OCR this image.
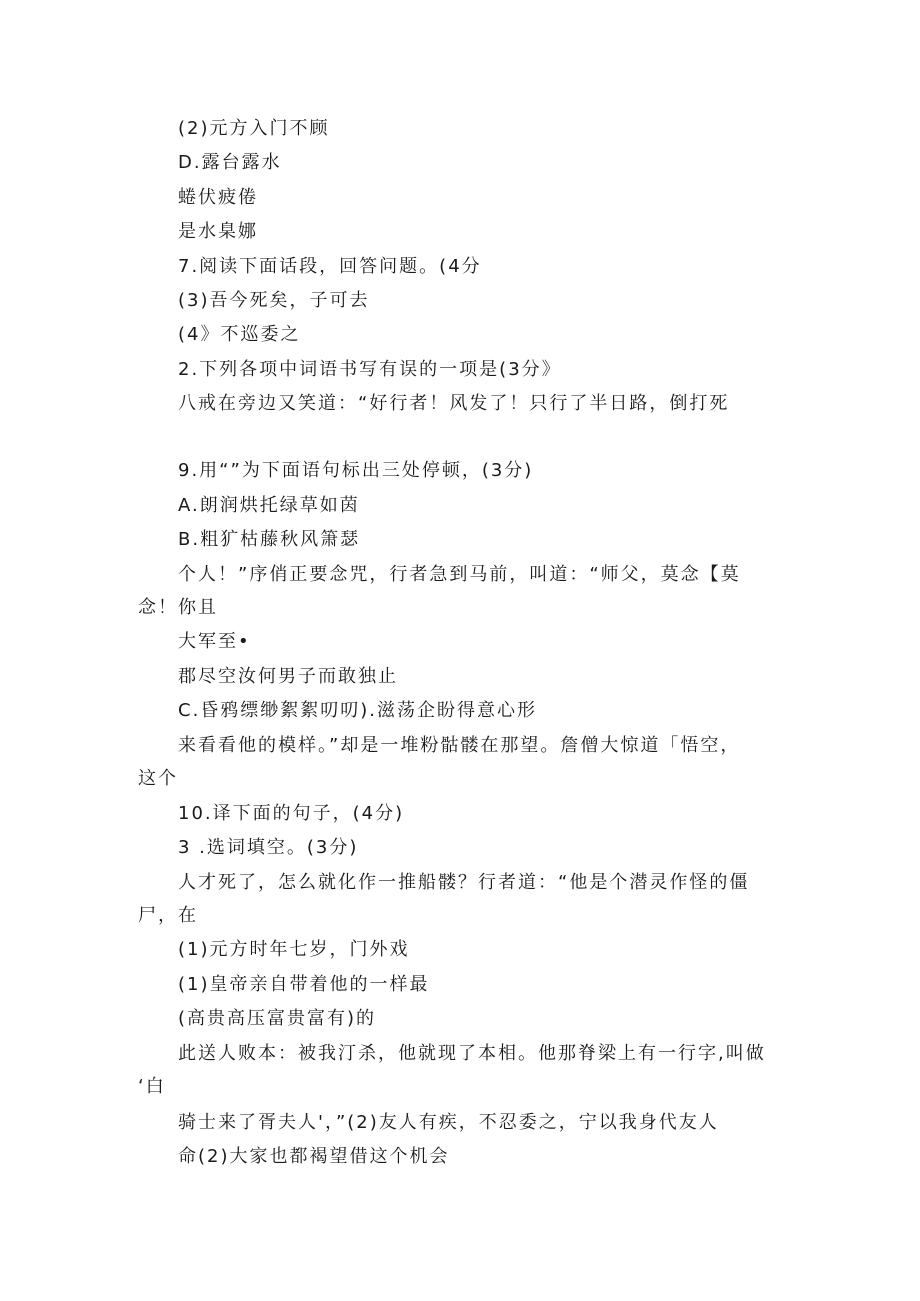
(2)元方入门不顾
D.露台露水
蜷伏疲倦
是水臬娜
7.阅读下面话段，回答问题。(4分
(3)吾今死矣，子可去
(4》不巡委之
2.下列各项中词语书写有误的一项是(3分》
八戒在旁边又笑道：“好行者！风发了！只行了半日路，倒打死
9.用“”为下面语句标出三处停顿，(3分)
A.朗润烘托绿草如茵
B.粗犷枯藤秋风箫瑟
个人！”序俏正要念咒，行者急到马前，叫道：“师父，莫念【莫
念！你且
大军至•
郡尽空汝何男子而敢独止
C.昏鸦缥缈絮絮叨叨).滋荡企盼得意心形
来看看他的模样。”却是一堆粉骷髅在那望。詹僧大惊道「悟空，
这个
10.译下面的句子，(4分)
3 .选词填空。(3分)
人才死了，怎么就化作一推船髅？行者道：“他是个潜灵作怪的僵
尸，在
(1)元方时年七岁，门外戏
(1)皇帝亲自带着他的一样最
(高贵高压富贵富有)的
此送人败本：被我汀杀，他就现了本相。他那脊梁上有一行字,叫做
‘白
骑士来了胥夫人'，”(2)友人有疾，不忍委之，宁以我身代友人
命(2)大家也都褐望借这个机会
